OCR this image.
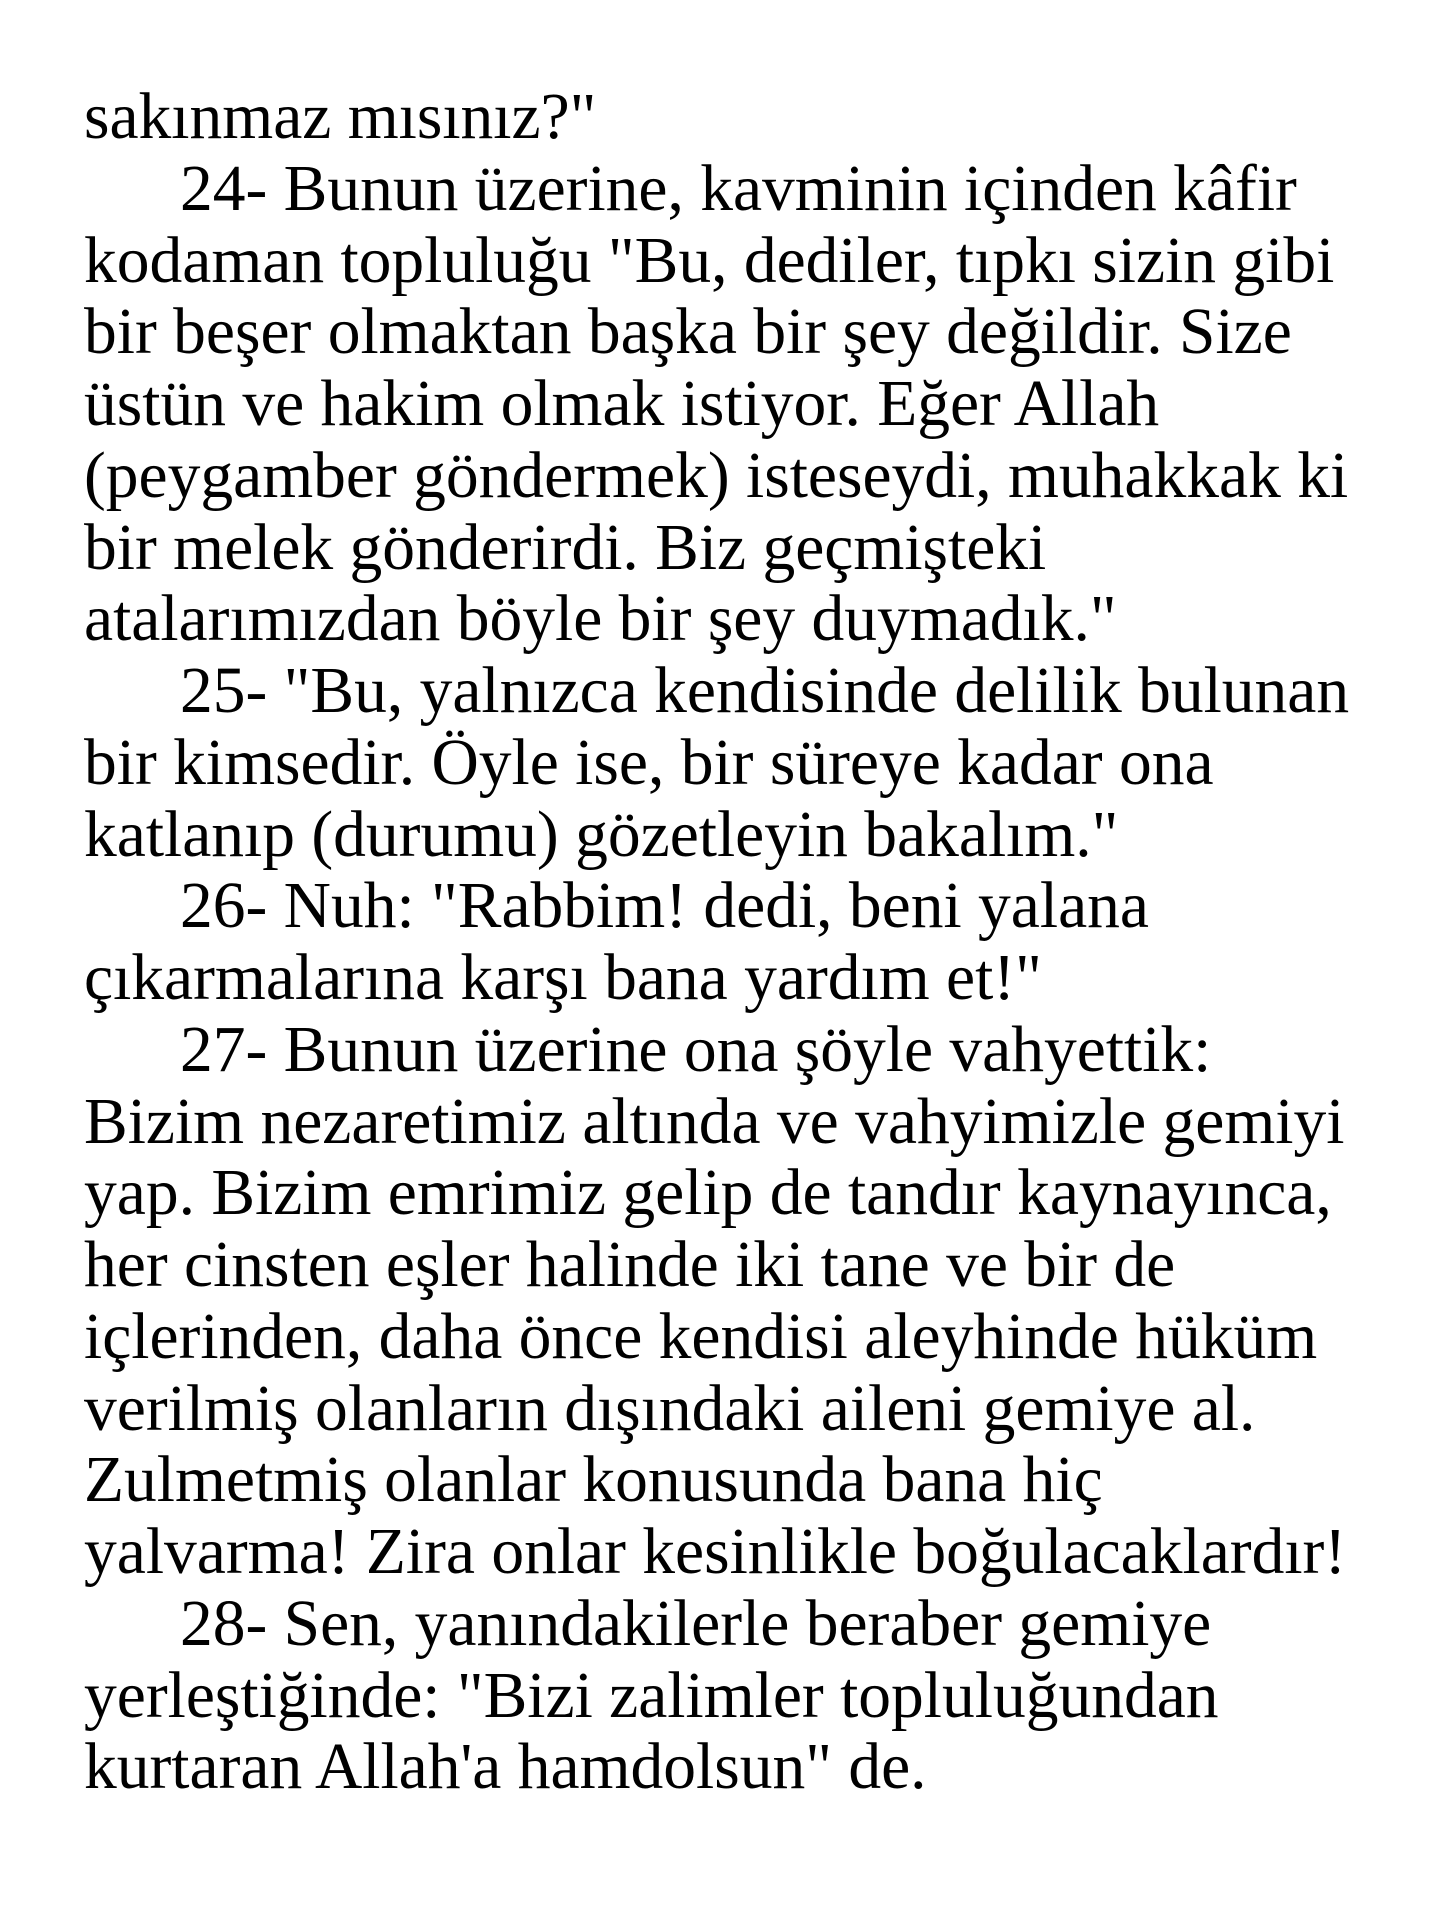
sakınmaz mısınız?"
24- Bunun üzerine, kavminin içinden kâfir
kodaman topluluğu "Bu, dediler, tıpkı sizin gibi
bir beşer olmaktan başka bir şey değildir. Size
üstün ve hakim olmak istiyor. Eğer Allah
(peygamber göndermek) isteseydi, muhakkak ki
bir melek gönderirdi. Biz geçmişteki
atalarımızdan böyle bir şey duymadık."
25- "Bu, yalnızca kendisinde delilik bulunan
bir kimsedir. Öyle ise, bir süreye kadar ona
katlanıp (durumu) gözetleyin bakalım."
26- Nuh: "Rabbim! dedi, beni yalana
çıkarmalarına karşı bana yardım et!"
27- Bunun üzerine ona şöyle vahyettik:
Bizim nezaretimiz altında ve vahyimizle gemiyi
yap. Bizim emrimiz gelip de tandır kaynayınca,
her cinsten eşler halinde iki tane ve bir de
içlerinden, daha önce kendisi aleyhinde hüküm
verilmiş olanların dışındaki aileni gemiye al.
Zulmetmiş olanlar konusunda bana hiç
yalvarma! Zira onlar kesinlikle boğulacaklardır!
28- Sen, yanındakilerle beraber gemiye
yerleştiğinde: "Bizi zalimler topluluğundan
kurtaran Allah'a hamdolsun" de.
